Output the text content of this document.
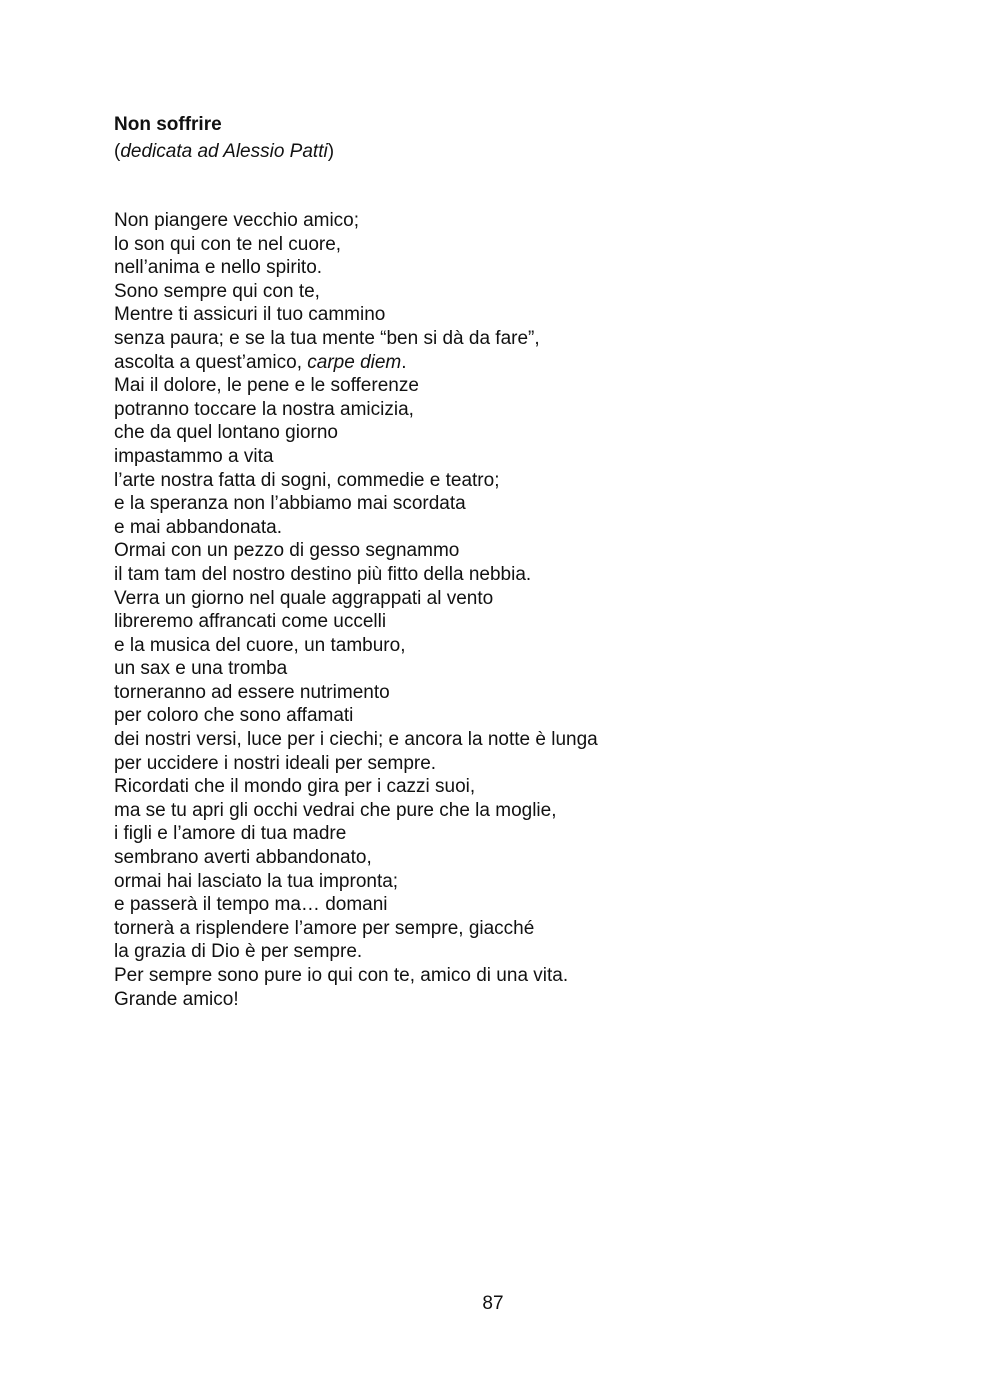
Non soffrire
(dedicata ad Alessio Patti)
Non piangere vecchio amico;
lo son qui con te nel cuore,
nell’anima e nello spirito.
Sono sempre qui con te,
Mentre ti assicuri il tuo cammino
senza paura; e se la tua mente “ben si dà da fare”,
ascolta a quest’amico, carpe diem.
Mai il dolore, le pene e le sofferenze
potranno toccare la nostra amicizia,
che da quel lontano giorno
impastammo a vita
l’arte nostra fatta di sogni, commedie e teatro;
e la speranza non l’abbiamo mai scordata
e mai abbandonata.
Ormai con un pezzo di gesso segnammo
il tam tam del nostro destino più fitto della nebbia.
Verra un giorno nel quale aggrappati al vento
libreremo affrancati come uccelli
e la musica del cuore, un tamburo,
un sax e una tromba
torneranno ad essere nutrimento
per coloro che sono affamati
dei nostri versi, luce per i ciechi; e ancora la notte è lunga
per uccidere i nostri ideali per sempre.
Ricordati che il mondo gira per i cazzi suoi,
ma se tu apri gli occhi vedrai che pure che la moglie,
i figli e l’amore di tua madre
sembrano averti abbandonato,
ormai hai lasciato la tua impronta;
e passerà il tempo ma… domani
tornerà a risplendere l’amore per sempre, giacché
la grazia di Dio è per sempre.
Per sempre sono pure io qui con te, amico di una vita.
Grande amico!
87
